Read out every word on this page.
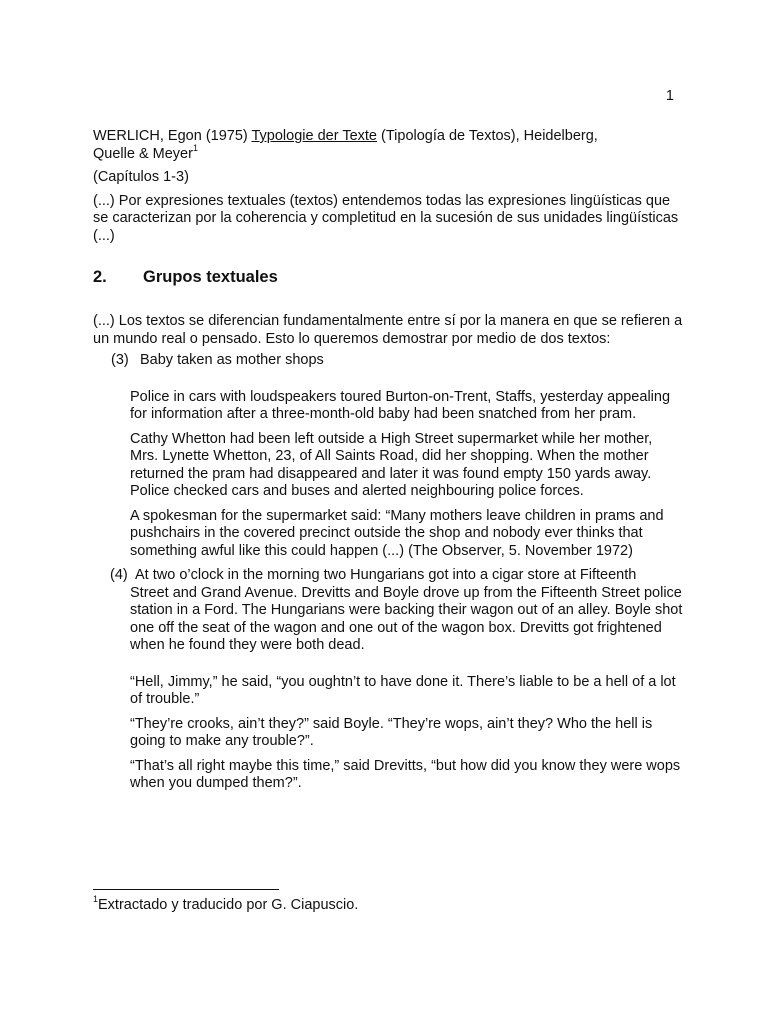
1

WERLICH, Egon (1975) Typologie der Texte (Tipología de Textos), Heidelberg,
Quelle & Meyer$^1$

(Capítulos 1-3)

(...) Por expresiones textuales (textos) entendemos todas las expresiones lingüísticas que se caracterizan por la coherencia y completitud en la sucesión de sus unidades lingüísticas (...)

2. Grupos textuales

(...) Los textos se diferencian fundamentalmente entre sí por la manera en que se refieren a un mundo real o pensado. Esto lo queremos demostrar por medio de dos textos:

(3) Baby taken as mother shops

Police in cars with loudspeakers toured Burton-on-Trent, Staffs, yesterday appealing for information after a three-month-old baby had been snatched from her pram.

Cathy Whetton had been left outside a High Street supermarket while her mother, Mrs. Lynette Whetton, 23, of All Saints Road, did her shopping. When the mother returned the pram had disappeared and later it was found empty 150 yards away. Police checked cars and buses and alerted neighbouring police forces.

A spokesman for the supermarket said: “Many mothers leave children in prams and pushchairs in the covered precinct outside the shop and nobody ever thinks that something awful like this could happen (...) (The Observer, 5. November 1972)

(4) At two o’clock in the morning two Hungarians got into a cigar store at Fifteenth

Street and Grand Avenue. Drevitts and Boyle drove up from the Fifteenth Street police station in a Ford. The Hungarians were backing their wagon out of an alley. Boyle shot one off the seat of the wagon and one out of the wagon box. Drevitts got frightened when he found they were both dead.

“Hell, Jimmy,” he said, “you oughtn’t to have done it. There’s liable to be a hell of a lot of trouble.”

“They’re crooks, ain’t they?” said Boyle. “They’re wops, ain’t they? Who the hell is going to make any trouble?”.

“That’s all right maybe this time,” said Drevitts, “but how did you know they were wops when you dumped them?”.

$^1$Extractado y traducido por G. Ciapuscio.
